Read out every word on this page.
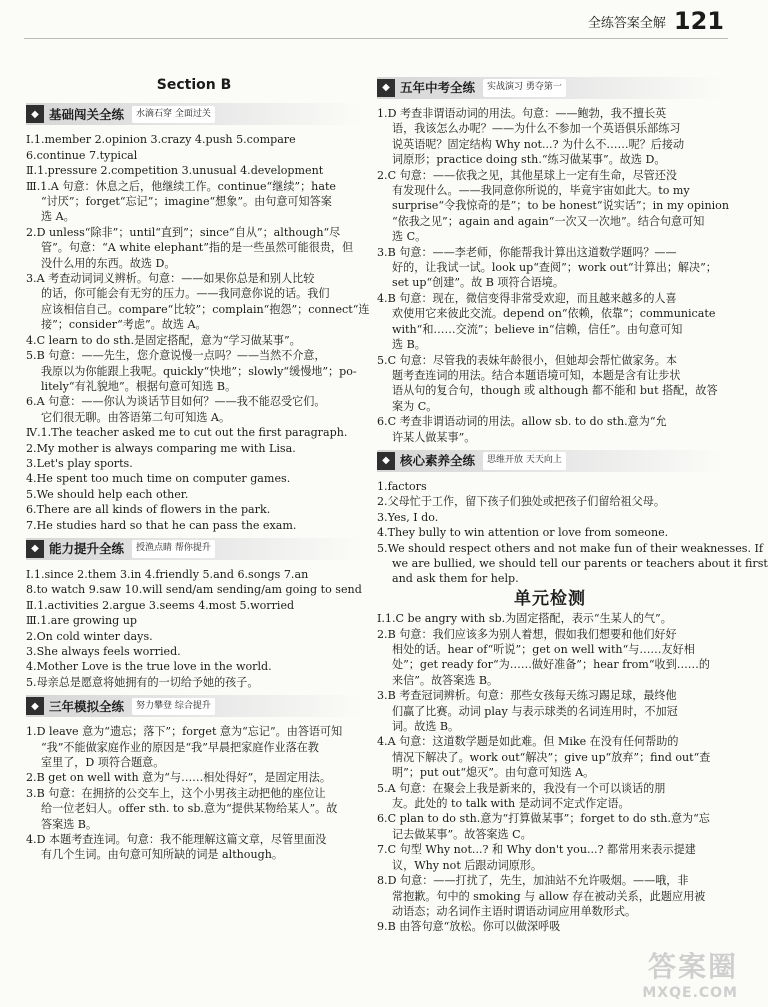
全练答案全解 121
Section B
◆ 基础闯关全练	水滴石穿 全面过关
Ⅰ.1.member 2.opinion 3.crazy 4.push 5.compare
6.continue 7.typical
Ⅱ.1.pressure 2.competition 3.unusual 4.development
Ⅲ.1.A 句意：休息之后，他继续工作。continue“继续”；hate
“讨厌”；forget“忘记”；imagine“想象”。由句意可知答案
选 A。
2.D unless“除非”；until“直到”；since“自从”；although“尽
管”。句意：“A white elephant”指的是一些虽然可能很贵，但
没什么用的东西。故选 D。
3.A 考查动词词义辨析。句意：——如果你总是和别人比较
的话，你可能会有无穷的压力。——我同意你说的话。我们
应该相信自己。compare“比较”；complain“抱怨”；connect“连
接”；consider“考虑”。故选 A。
4.C learn to do sth.是固定搭配，意为“学习做某事”。
5.B 句意：——先生，您介意说慢一点吗？——当然不介意，
我原以为你能跟上我呢。quickly“快地”；slowly“缓慢地”；po-
litely“有礼貌地”。根据句意可知选 B。
6.A 句意：——你认为谈话节目如何？——我不能忍受它们。
它们很无聊。由答语第二句可知选 A。
Ⅳ.1.The teacher asked me to cut out the first paragraph.
2.My mother is always comparing me with Lisa.
3.Let's play sports.
4.He spent too much time on computer games.
5.We should help each other.
6.There are all kinds of flowers in the park.
7.He studies hard so that he can pass the exam.
◆ 能力提升全练	授渔点睛 帮你提升
Ⅰ.1.since 2.them 3.in 4.friendly 5.and 6.songs 7.an
8.to watch 9.saw 10.will send/am sending/am going to send
Ⅱ.1.activities 2.argue 3.seems 4.most 5.worried
Ⅲ.1.are growing up
2.On cold winter days.
3.She always feels worried.
4.Mother Love is the true love in the world.
5.母亲总是愿意将她拥有的一切给予她的孩子。
◆ 三年模拟全练	努力攀登 综合提升
1.D leave 意为“遗忘；落下”；forget 意为“忘记”。由答语可知
“我”不能做家庭作业的原因是“我”早晨把家庭作业落在教
室里了，D 项符合题意。
2.B get on well with 意为“与……相处得好”，是固定用法。
3.B 句意：在拥挤的公交车上，这个小男孩主动把他的座位让
给一位老妇人。offer sth. to sb.意为“提供某物给某人”。故
答案选 B。
4.D 本题考查连词。句意：我不能理解这篇文章，尽管里面没
有几个生词。由句意可知所缺的词是 although。
◆ 五年中考全练	实战演习 勇夺第一
1.D 考查非谓语动词的用法。句意：——鲍勃，我不擅长英
语，我该怎么办呢？——为什么不参加一个英语俱乐部练习
说英语呢？固定结构 Why not...? 为什么不……呢？后接动
词原形；practice doing sth.“练习做某事”。故选 D。
2.C 句意：——依我之见，其他星球上一定有生命，尽管还没
有发现什么。——我同意你所说的，毕竟宇宙如此大。to my
surprise“令我惊奇的是”；to be honest“说实话”；in my opinion
“依我之见”；again and again“一次又一次地”。结合句意可知
选 C。
3.B 句意：——李老师，你能帮我计算出这道数学题吗？——
好的，让我试一试。look up“查阅”；work out“计算出；解决”；
set up“创建”。故 B 项符合语境。
4.B 句意：现在，微信变得非常受欢迎，而且越来越多的人喜
欢使用它来彼此交流。depend on“依赖，依靠”；communicate
with“和……交流”；believe in“信赖，信任”。由句意可知
选 B。
5.C 句意：尽管我的表妹年龄很小，但她却会帮忙做家务。本
题考查连词的用法。结合本题语境可知，本题是含有让步状
语从句的复合句，though 或 although 都不能和 but 搭配，故答
案为 C。
6.C 考查非谓语动词的用法。allow sb. to do sth.意为“允
许某人做某事”。
◆ 核心素养全练	思维开放 天天向上
1.factors
2.父母忙于工作，留下孩子们独处或把孩子们留给祖父母。
3.Yes, I do.
4.They bully to win attention or love from someone.
5.We should respect others and not make fun of their weaknesses. If
we are bullied, we should tell our parents or teachers about it first
and ask them for help.
单元检测
Ⅰ.1.C be angry with sb.为固定搭配，表示“生某人的气”。
2.B 句意：我们应该多为别人着想，假如我们想要和他们好好
相处的话。hear of“听说”；get on well with“与……友好相
处”；get ready for“为……做好准备”；hear from“收到……的
来信”。故答案选 B。
3.B 考查冠词辨析。句意：那些女孩每天练习踢足球，最终他
们赢了比赛。动词 play 与表示球类的名词连用时，不加冠
词。故选 B。
4.A 句意：这道数学题是如此难。但 Mike 在没有任何帮助的
情况下解决了。work out“解决”；give up“放弃”；find out“查
明”；put out“熄灭”。由句意可知选 A。
5.A 句意：在聚会上我是新来的，我没有一个可以谈话的朋
友。此处的 to talk with 是动词不定式作定语。
6.C plan to do sth.意为“打算做某事”；forget to do sth.意为“忘
记去做某事”。故答案选 C。
7.C 句型 Why not...? 和 Why don't you...? 都常用来表示提建
议，Why not 后跟动词原形。
8.D 句意：——打扰了，先生，加油站不允许吸烟。——哦，非
常抱歉。句中的 smoking 与 allow 存在被动关系，此题应用被
动语态；动名词作主语时谓语动词应用单数形式。
9.B 由答句意“放松。你可以做深呼吸
答案圈
MXQE.COM
